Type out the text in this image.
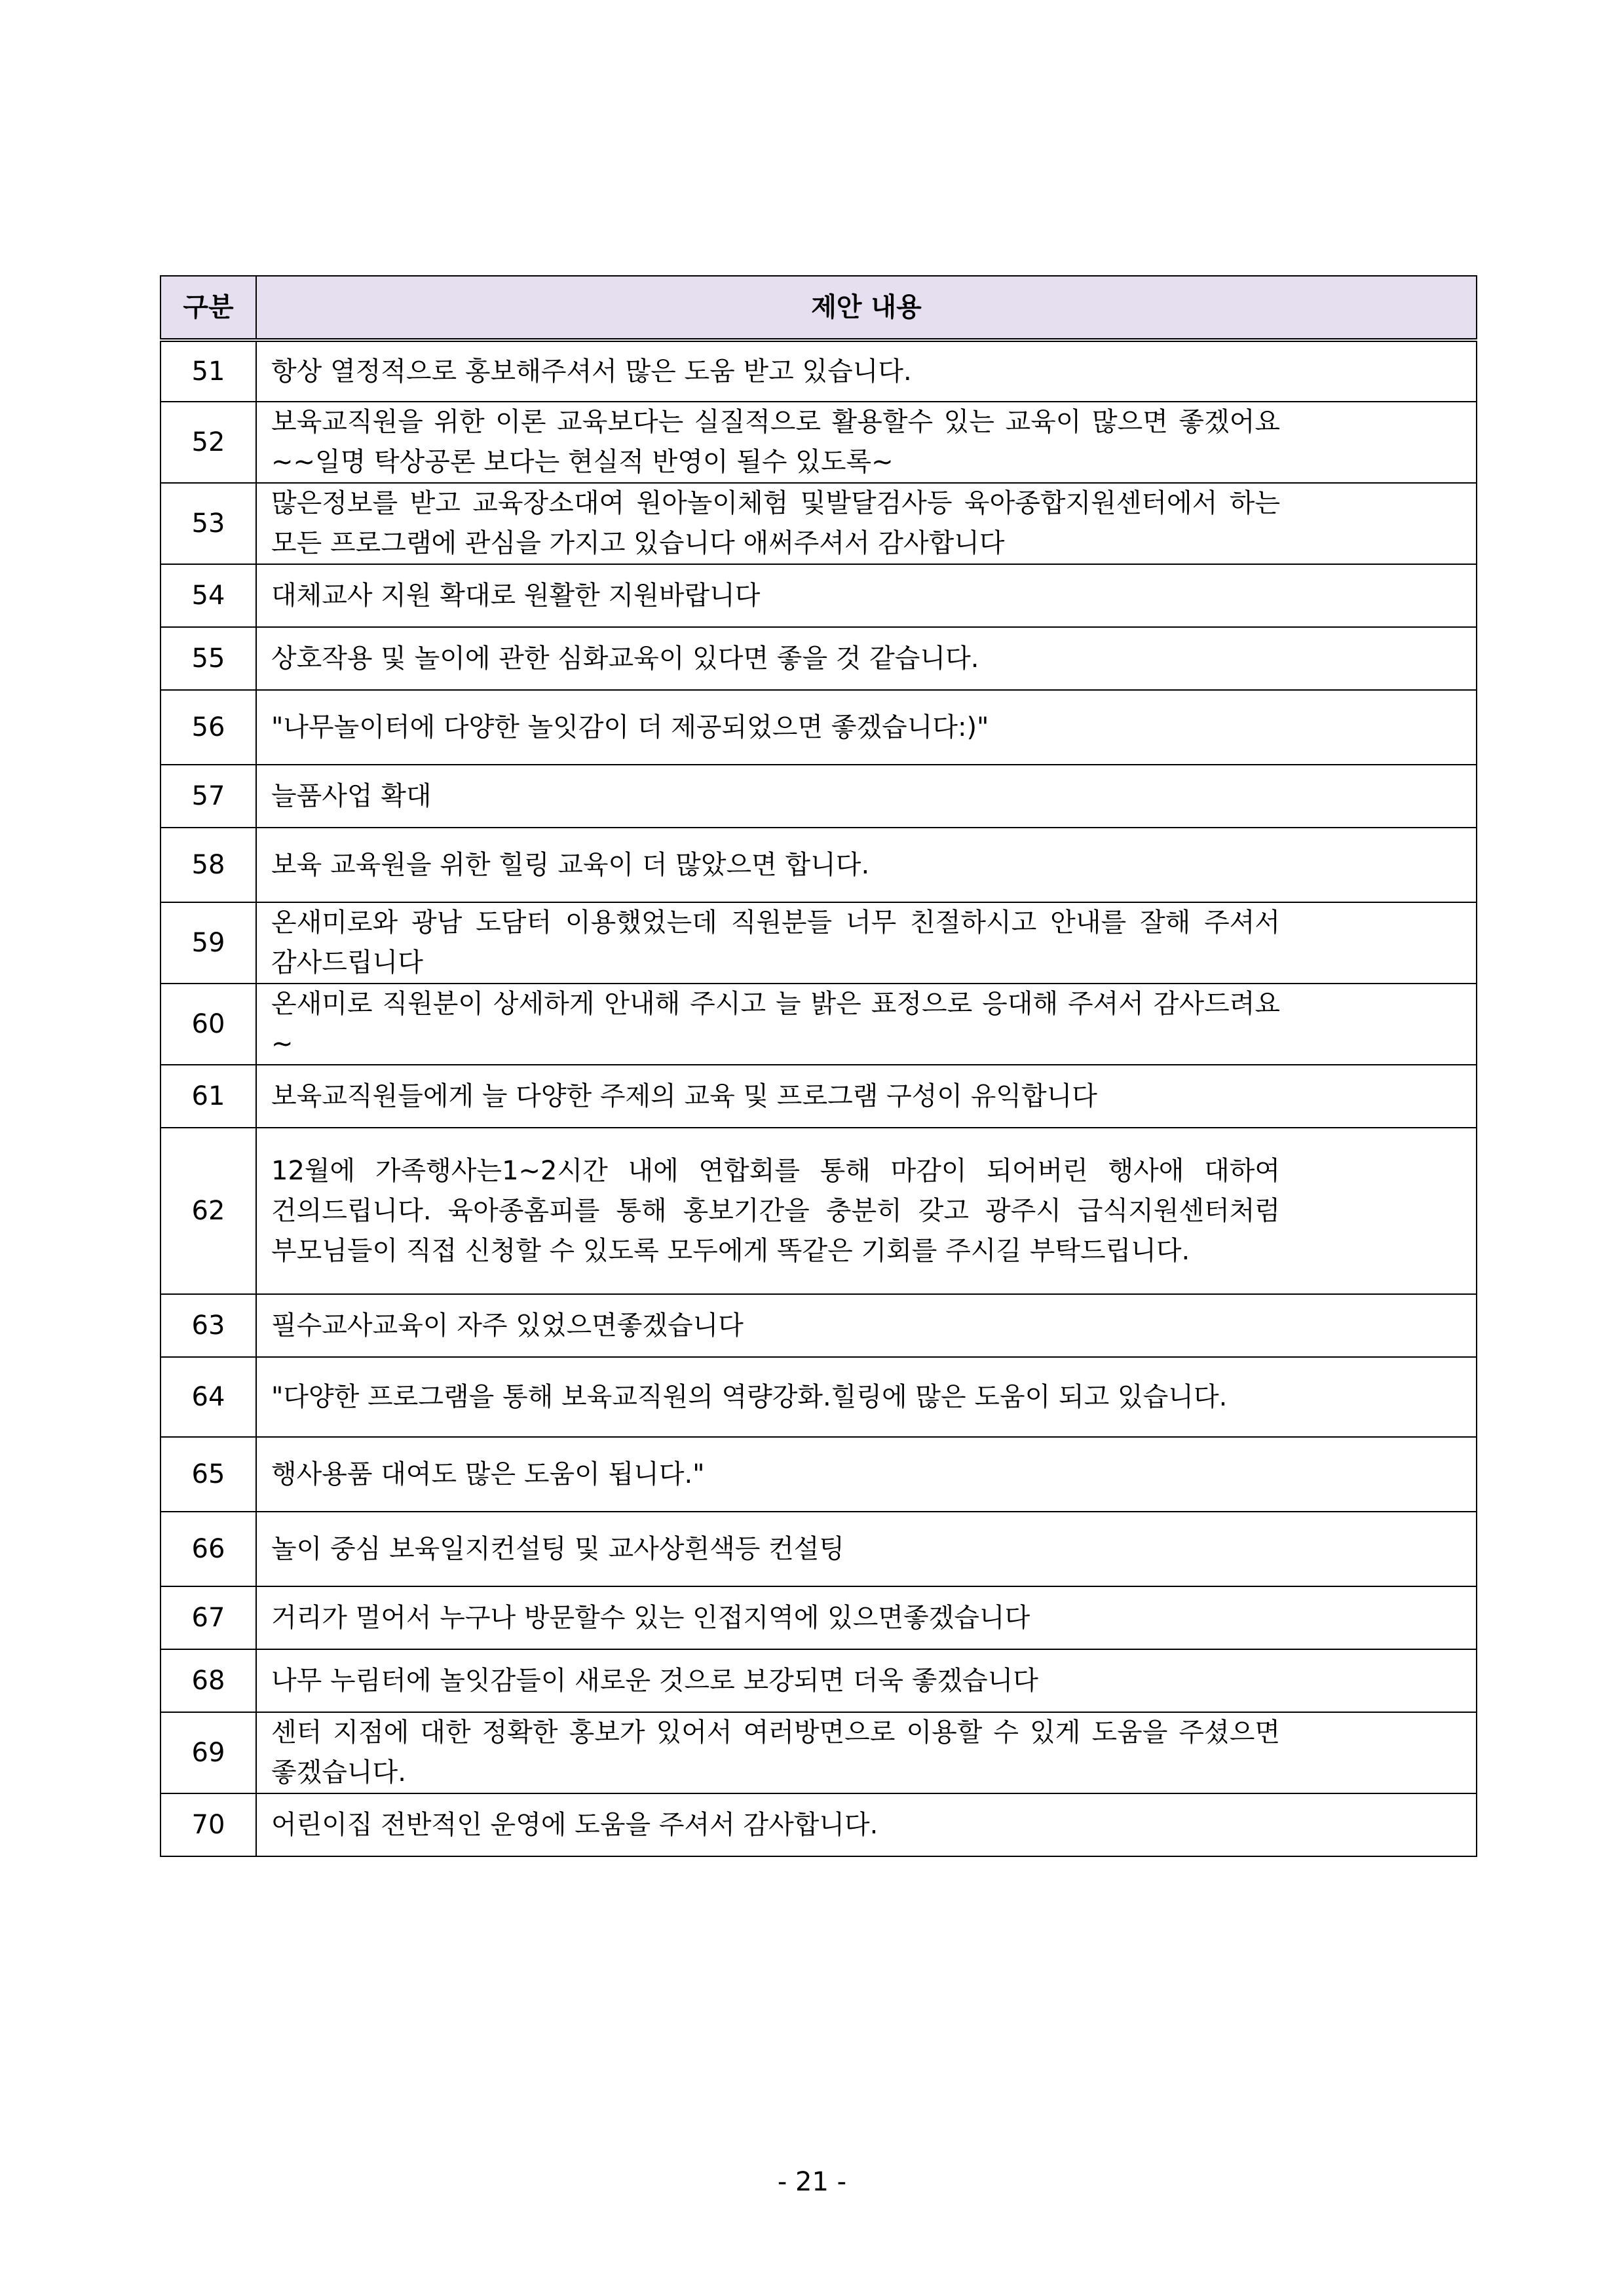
구분	제안 내용
51	항상 열정적으로 홍보해주셔서 많은 도움 받고 있습니다.

52	보육교직원을 위한 이론 교육보다는 실질적으로 활용할수 있는 교육이 많으면 좋겠어요~~일명 탁상공론 보다는 현실적 반영이 될수 있도록~

53	많은정보를 받고 교육장소대여 원아놀이체험 및발달검사등 육아종합지원센터에서 하는 모든 프로그램에 관심을 가지고 있습니다 애써주셔서 감사합니다

54	대체교사 지원 확대로 원활한 지원바랍니다

55	상호작용 및 놀이에 관한 심화교육이 있다면 좋을 것 같습니다.

56	"나무놀이터에 다양한 놀잇감이 더 제공되었으면 좋겠습니다:)"

57	늘품사업 확대

58	보육 교육원을 위한 힐링 교육이 더 많았으면 합니다.

59	온새미로와 광남 도담터 이용했었는데 직원분들 너무 친절하시고 안내를 잘해 주셔서 감사드립니다

60	온새미로 직원분이 상세하게 안내해 주시고 늘 밝은 표정으로 응대해 주셔서 감사드려요~

61	보육교직원들에게 늘 다양한 주제의 교육 및 프로그램 구성이 유익합니다

62	12월에 가족행사는1~2시간 내에 연합회를 통해 마감이 되어버린 행사애 대하여 건의드립니다. 육아종홈피를 통해 홍보기간을 충분히 갖고 광주시 급식지원센터처럼 부모님들이 직접 신청할 수 있도록 모두에게 똑같은 기회를 주시길 부탁드립니다.

63	필수교사교육이 자주 있었으면좋겠습니다

64	"다양한 프로그램을 통해 보육교직원의 역량강화.힐링에 많은 도움이 되고 있습니다.

65	행사용품 대여도 많은 도움이 됩니다."

66	놀이 중심 보육일지컨설팅 및 교사상흰색등 컨설팅

67	거리가 멀어서 누구나 방문할수 있는 인접지역에 있으면좋겠습니다

68	나무 누림터에 놀잇감들이 새로운 것으로 보강되면 더욱 좋겠습니다

69	센터 지점에 대한 정확한 홍보가 있어서 여러방면으로 이용할 수 있게 도움을 주셨으면 좋겠습니다.

70	어린이집 전반적인 운영에 도움을 주셔서 감사합니다.
- 21 -
